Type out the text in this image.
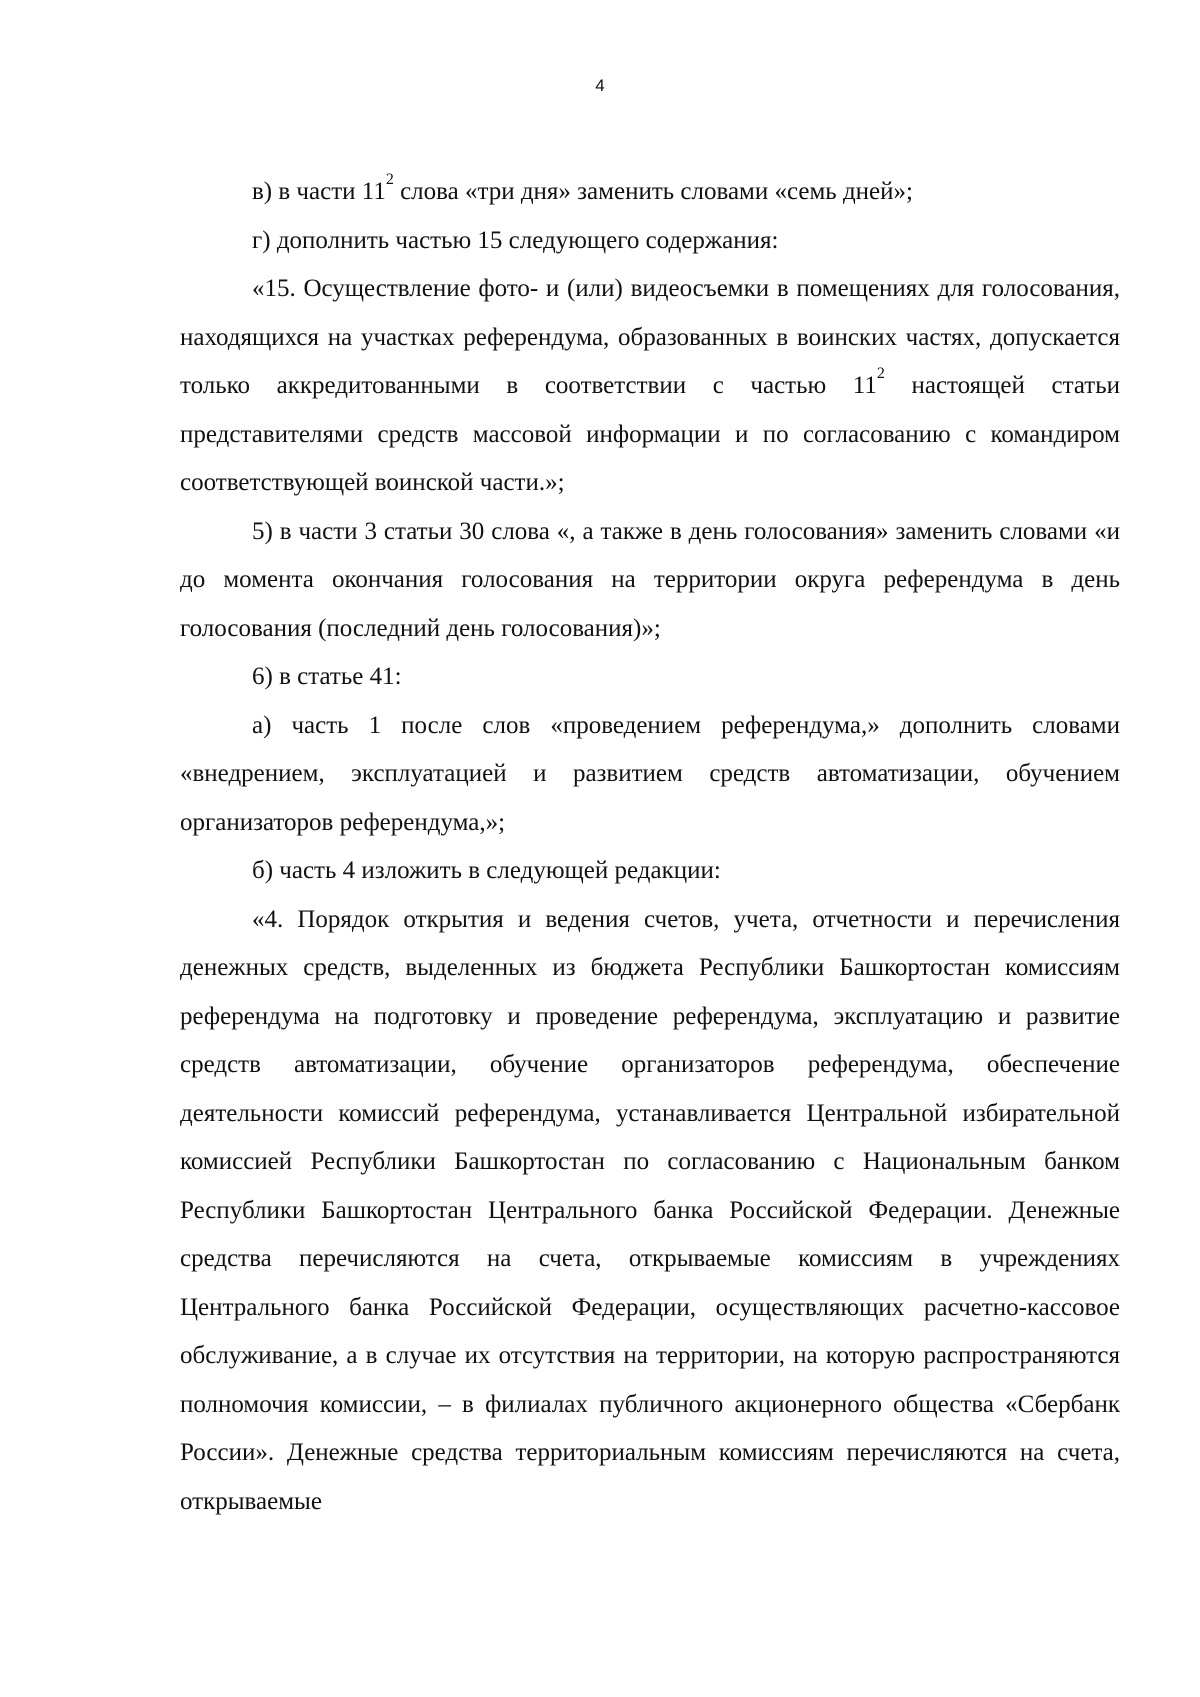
4

в) в части $11^2$ слова «три дня» заменить словами «семь дней»;

г) дополнить частью 15 следующего содержания:

«15. Осуществление фото- и (или) видеосъемки в помещениях для голосования, находящихся на участках референдума, образованных в воинских частях, допускается только аккредитованными в соответствии с частью $11^2$ настоящей статьи представителями средств массовой информации и по согласованию с командиром соответствующей воинской части.»;

5) в части 3 статьи 30 слова «, а также в день голосования» заменить словами «и до момента окончания голосования на территории округа референдума в день голосования (последний день голосования)»;

6) в статье 41:

а) часть 1 после слов «проведением референдума,» дополнить словами «внедрением, эксплуатацией и развитием средств автоматизации, обучением организаторов референдума,»;

б) часть 4 изложить в следующей редакции:

«4. Порядок открытия и ведения счетов, учета, отчетности и перечисления денежных средств, выделенных из бюджета Республики Башкортостан комиссиям референдума на подготовку и проведение референдума, эксплуатацию и развитие средств автоматизации, обучение организаторов референдума, обеспечение деятельности комиссий референдума, устанавливается Центральной избирательной комиссией Республики Башкортостан по согласованию с Национальным банком Республики Башкортостан Центрального банка Российской Федерации. Денежные средства перечисляются на счета, открываемые комиссиям в учреждениях Центрального банка Российской Федерации, осуществляющих расчетно-кассовое обслуживание, а в случае их отсутствия на территории, на которую распространяются полномочия комиссии, – в филиалах публичного акционерного общества «Сбербанк России». Денежные средства территориальным комиссиям перечисляются на счета, открываемые
